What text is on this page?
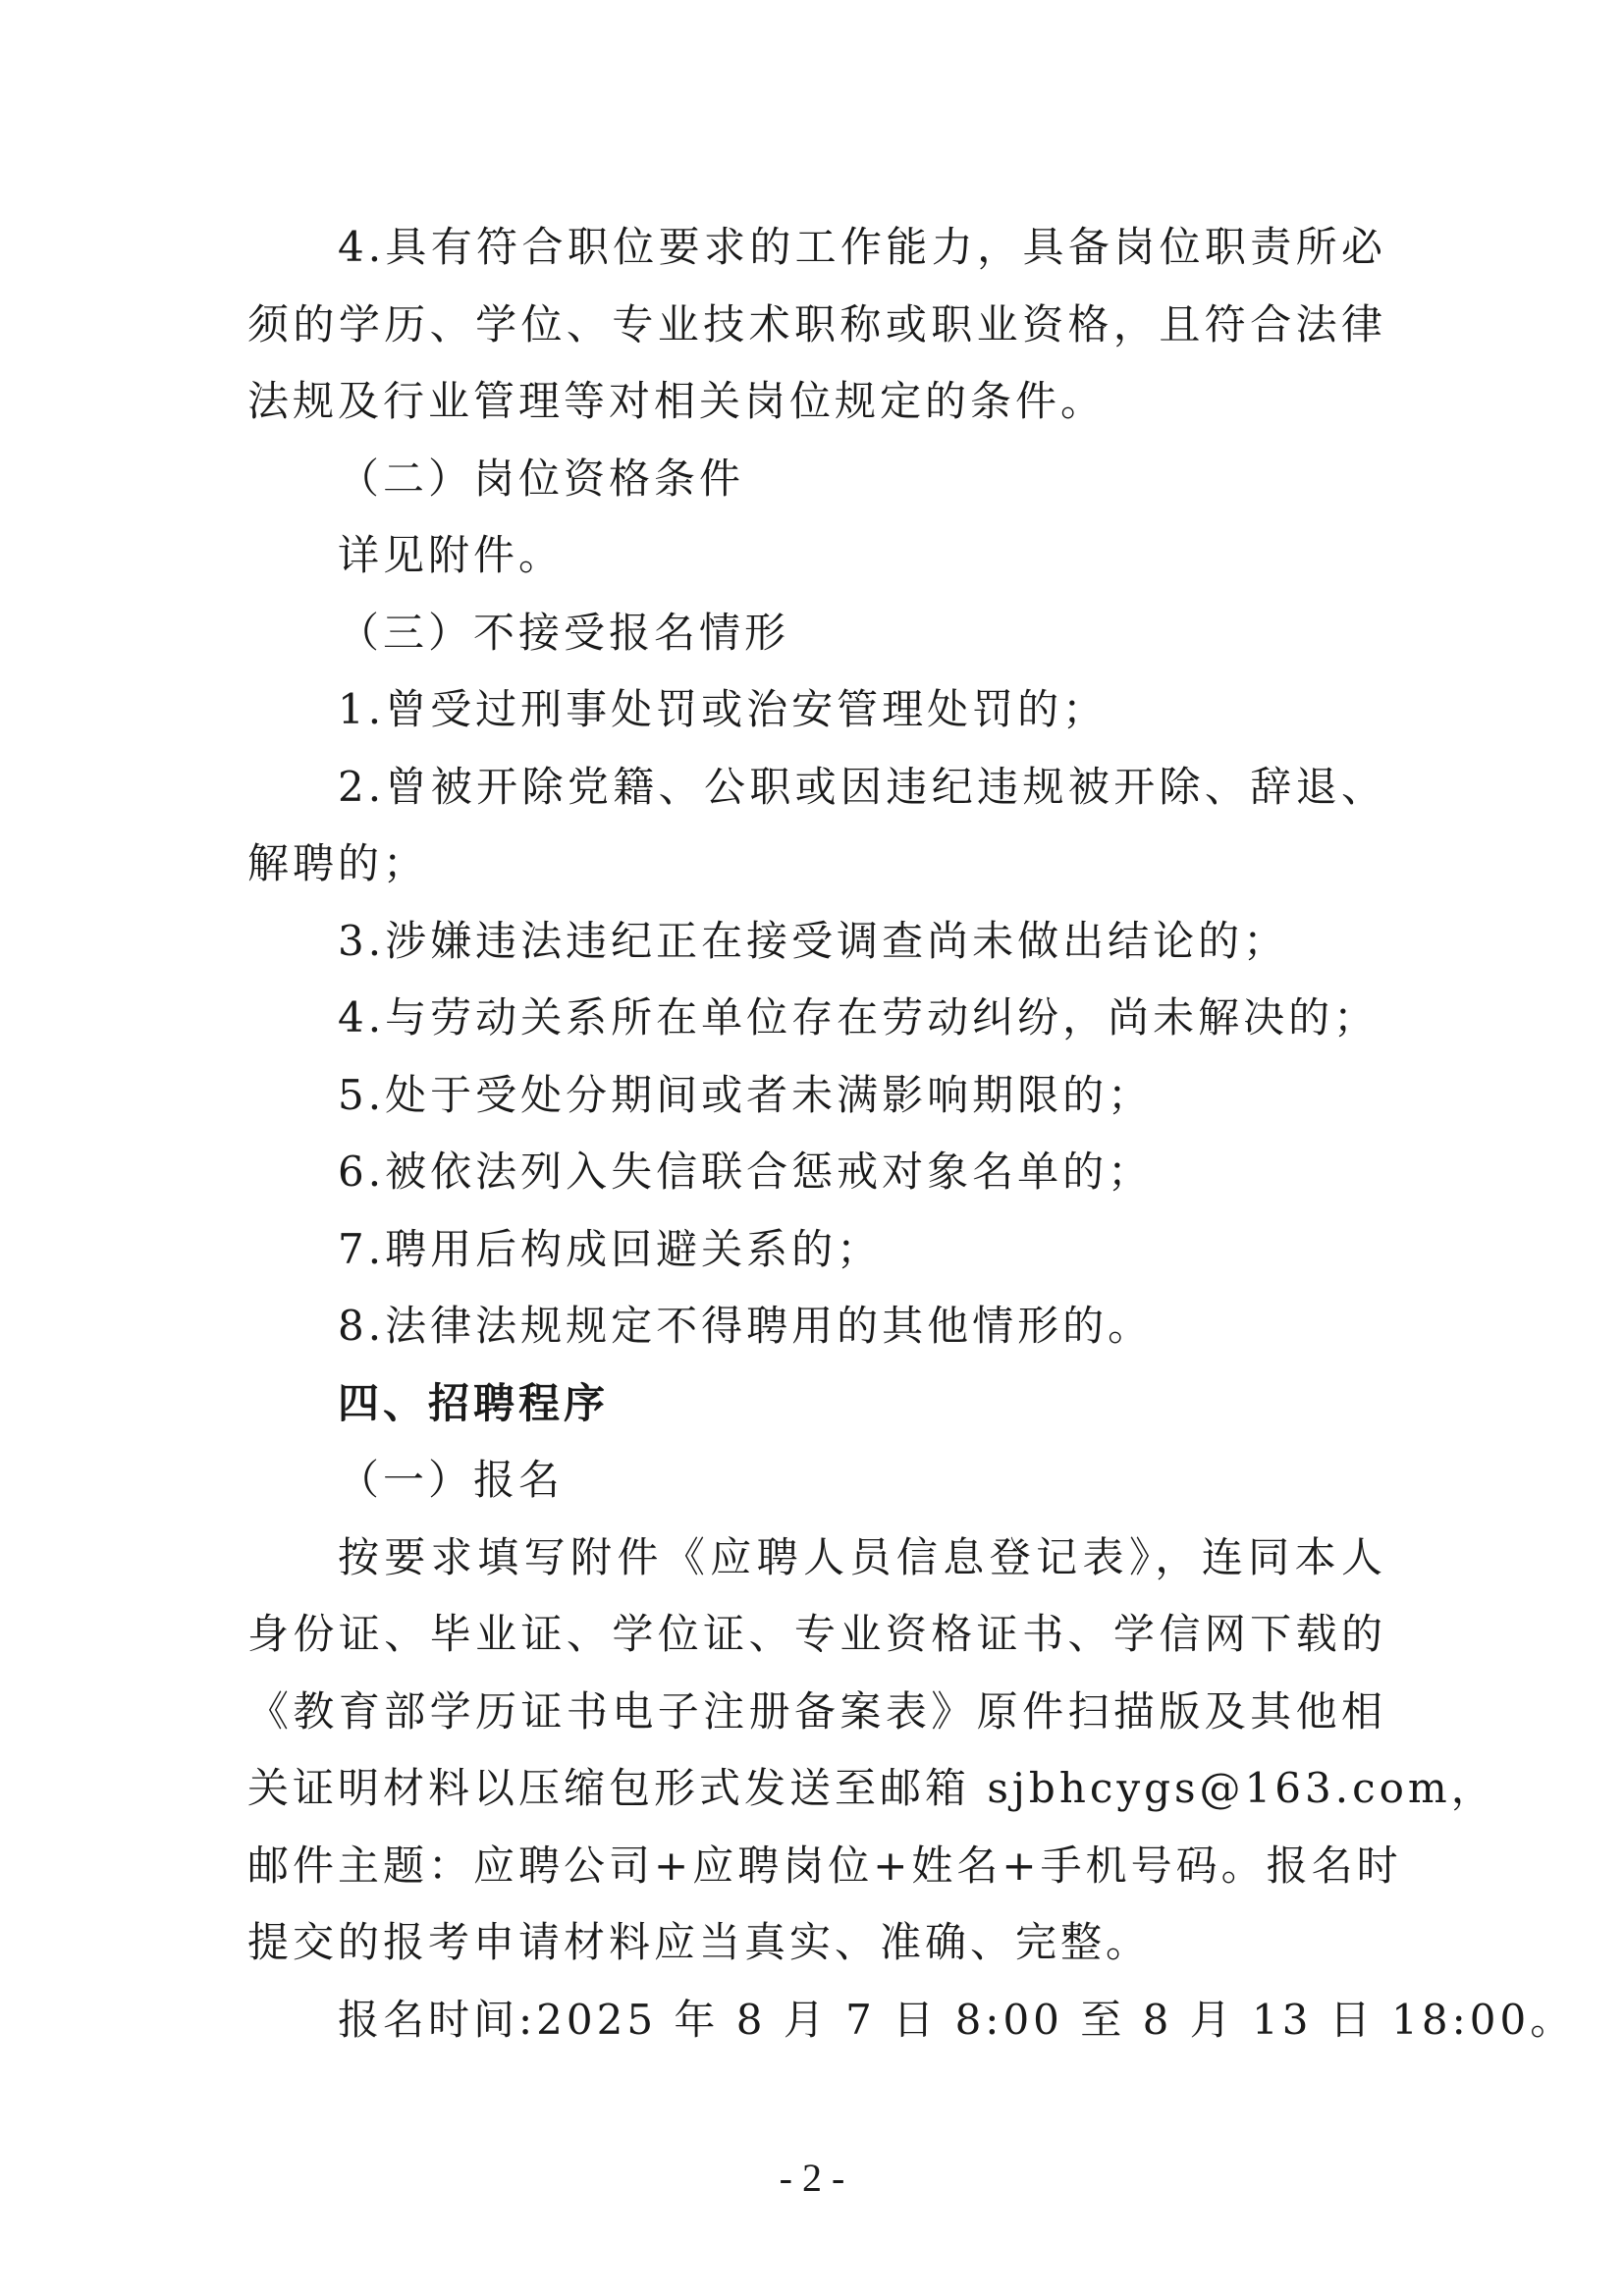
4.具有符合职位要求的工作能力，具备岗位职责所必
须的学历、学位、专业技术职称或职业资格，且符合法律
法规及行业管理等对相关岗位规定的条件。
（二）岗位资格条件
详见附件。
（三）不接受报名情形
1.曾受过刑事处罚或治安管理处罚的；
2.曾被开除党籍、公职或因违纪违规被开除、辞退、
解聘的；
3.涉嫌违法违纪正在接受调查尚未做出结论的；
4.与劳动关系所在单位存在劳动纠纷，尚未解决的；
5.处于受处分期间或者未满影响期限的；
6.被依法列入失信联合惩戒对象名单的；
7.聘用后构成回避关系的；
8.法律法规规定不得聘用的其他情形的。
四、招聘程序
（一）报名
按要求填写附件《应聘人员信息登记表》，连同本人
身份证、毕业证、学位证、专业资格证书、学信网下载的
《教育部学历证书电子注册备案表》原件扫描版及其他相
关证明材料以压缩包形式发送至邮箱 sjbhcygs@163.com，
邮件主题：应聘公司+应聘岗位+姓名+手机号码。报名时
提交的报考申请材料应当真实、准确、完整。
报名时间:2025 年 8 月 7 日 8:00 至 8 月 13 日 18:00。
- 2 -
